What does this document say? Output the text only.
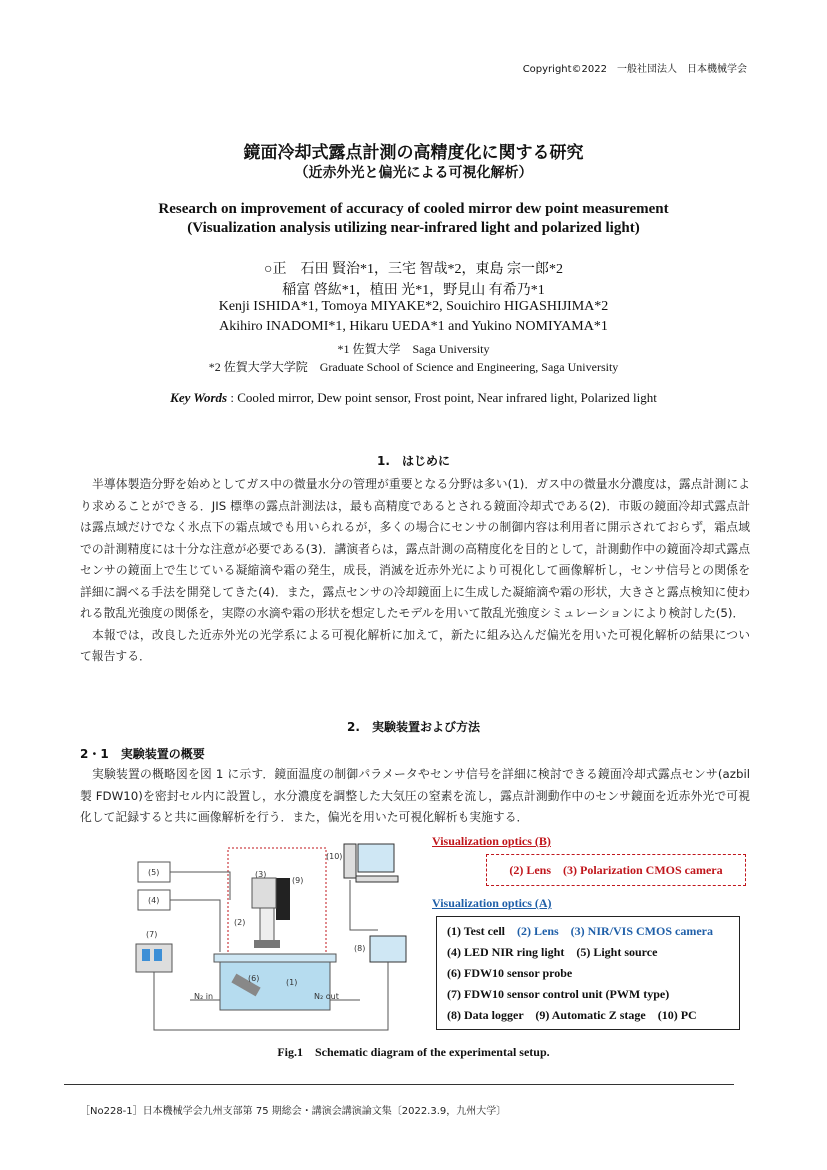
Copyright©2022　一般社団法人　日本機械学会
鏡面冷却式露点計測の高精度化に関する研究
（近赤外光と偏光による可視化解析）
Research on improvement of accuracy of cooled mirror dew point measurement
(Visualization analysis utilizing near-infrared light and polarized light)
○正　石田 賢治*1，三宅 智哉*2，東島 宗一郎*2
稲富 啓紘*1，植田 光*1，野見山 有希乃*1
Kenji ISHIDA*1, Tomoya MIYAKE*2, Souichiro HIGASHIJIMA*2
Akihiro INADOMI*1, Hikaru UEDA*1 and Yukino NOMIYAMA*1
*1 佐賀大学　Saga University
*2 佐賀大学大学院　Graduate School of Science and Engineering, Saga University
Key Words : Cooled mirror, Dew point sensor, Frost point, Near infrared light, Polarized light
1.　はじめに

半導体製造分野を始めとしてガス中の微量水分の管理が重要となる分野は多い(1)．ガス中の微量水分濃度は，露点計測により求めることができる．JIS 標準の露点計測法は，最も高精度であるとされる鏡面冷却式である(2)．市販の鏡面冷却式露点計は露点域だけでなく氷点下の霜点域でも用いられるが，多くの場合にセンサの制御内容は利用者に開示されておらず，霜点域での計測精度には十分な注意が必要である(3)．講演者らは，露点計測の高精度化を目的として，計測動作中の鏡面冷却式露点センサの鏡面上で生じている凝縮滴や霜の発生，成長，消滅を近赤外光により可視化して画像解析し，センサ信号との関係を詳細に調べる手法を開発してきた(4)．また，露点センサの冷却鏡面上に生成した凝縮滴や霜の形状，大きさと露点検知に使われる散乱光強度の関係を，実際の水滴や霜の形状を想定したモデルを用いて散乱光強度シミュレーションにより検討した(5)．

本報では，改良した近赤外光の光学系による可視化解析に加えて，新たに組み込んだ偏光を用いた可視化解析の結果について報告する．

2.　実験装置および方法
2・1　実験装置の概要

実験装置の概略図を図 1 に示す．鏡面温度の制御パラメータやセンサ信号を詳細に検討できる鏡面冷却式露点センサ(azbil 製 FDW10)を密封セル内に設置し，水分濃度を調整した大気圧の窒素を流し，露点計測動作中のセンサ鏡面を近赤外光で可視化して記録すると共に画像解析を行う．また，偏光を用いた可視化解析も実施する．

(5)
(4)
(7)
(3)
(9)
(2)
(6)	(1)
(10)
(8)
N₂ in	N₂ out
Visualization optics (B)
(2) Lens　(3) Polarization CMOS camera
Visualization optics (A)
(1) Test cell　(2) Lens　(3) NIR/VIS CMOS camera
(4) LED NIR ring light　(5) Light source
(6) FDW10 sensor probe
(7) FDW10 sensor control unit (PWM type)
(8) Data logger　(9) Automatic Z stage　(10) PC
Fig.1　Schematic diagram of the experimental setup.
［No228-1］日本機械学会九州支部第 75 期総会・講演会講演論文集〔2022.3.9，九州大学〕
